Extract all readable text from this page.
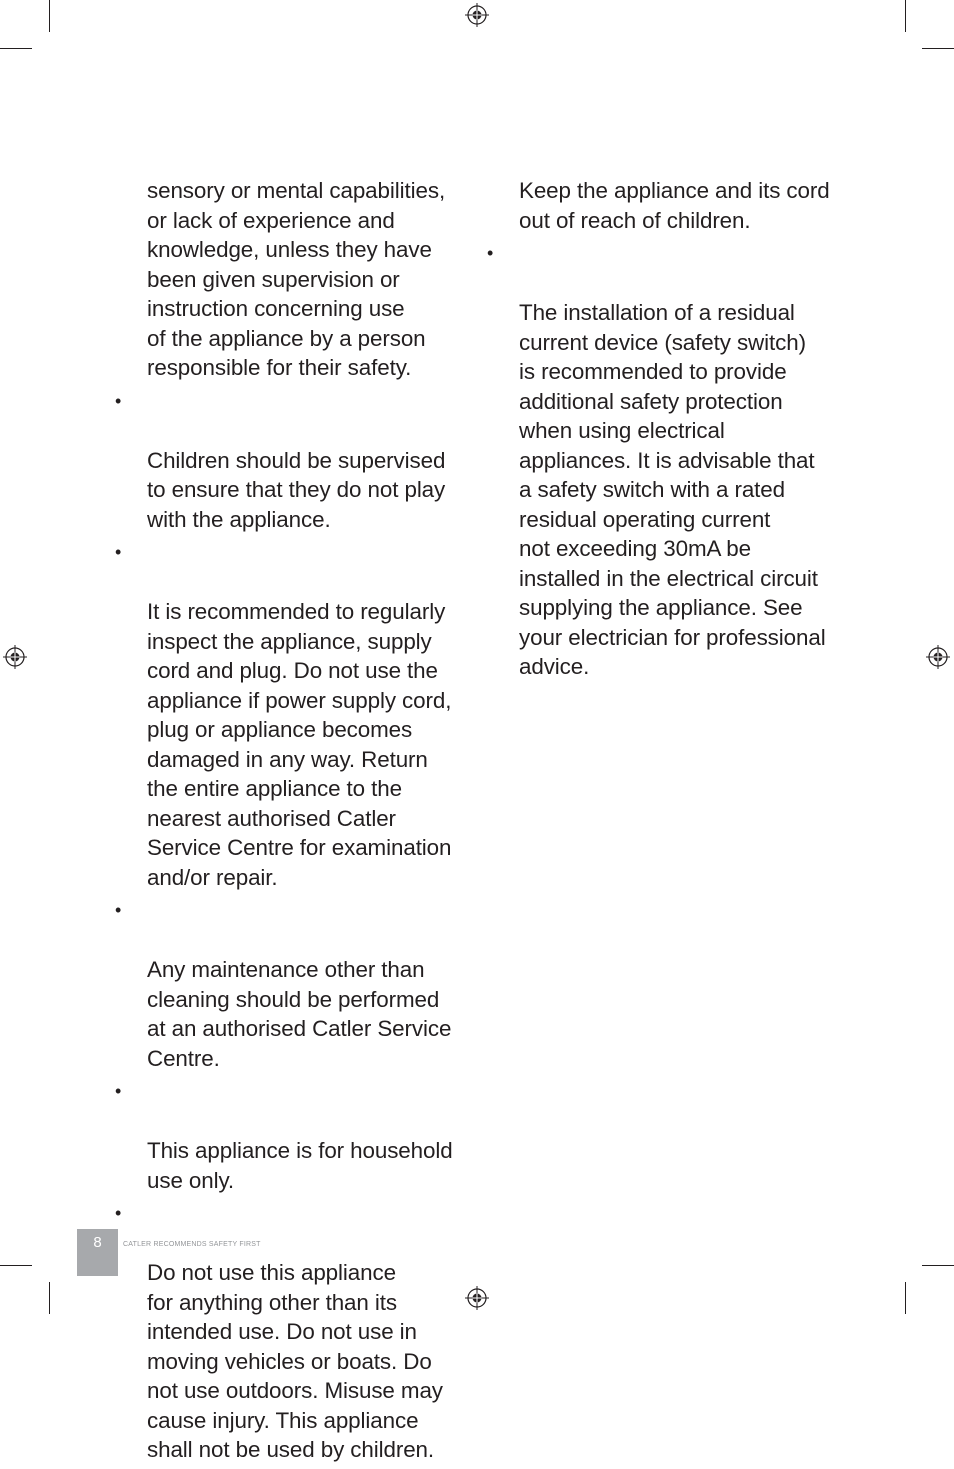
sensory or mental capabilities,
or lack of experience and
knowledge, unless they have
been given supervision or
instruction concerning use
of the appliance by a person
responsible for their safety.

•

Children should be supervised
to ensure that they do not play
with the appliance.

•

It is recommended to regularly
inspect the appliance, supply
cord and plug. Do not use the
appliance if power supply cord,
plug or appliance becomes
damaged in any way. Return
the entire appliance to the
nearest authorised Catler
Service Centre for examination
and/or repair.

•

Any maintenance other than
cleaning should be performed
at an authorised Catler Service
Centre.

•

This appliance is for household
use only.

•

Do not use this appliance
for anything other than its
intended use. Do not use in
moving vehicles or boats. Do
not use outdoors. Misuse may
cause injury. This appliance
shall not be used by children.

Keep the appliance and its cord
out of reach of children.

•

The installation of a residual
current device (safety switch)
is recommended to provide
additional safety protection
when using electrical
appliances. It is advisable that
a safety switch with a rated
residual operating current
not exceeding 30mA be
installed in the electrical circuit
supplying the appliance. See
your electrician for professional
advice.

8	CATLER RECOMMENDS SAFETY FIRST
